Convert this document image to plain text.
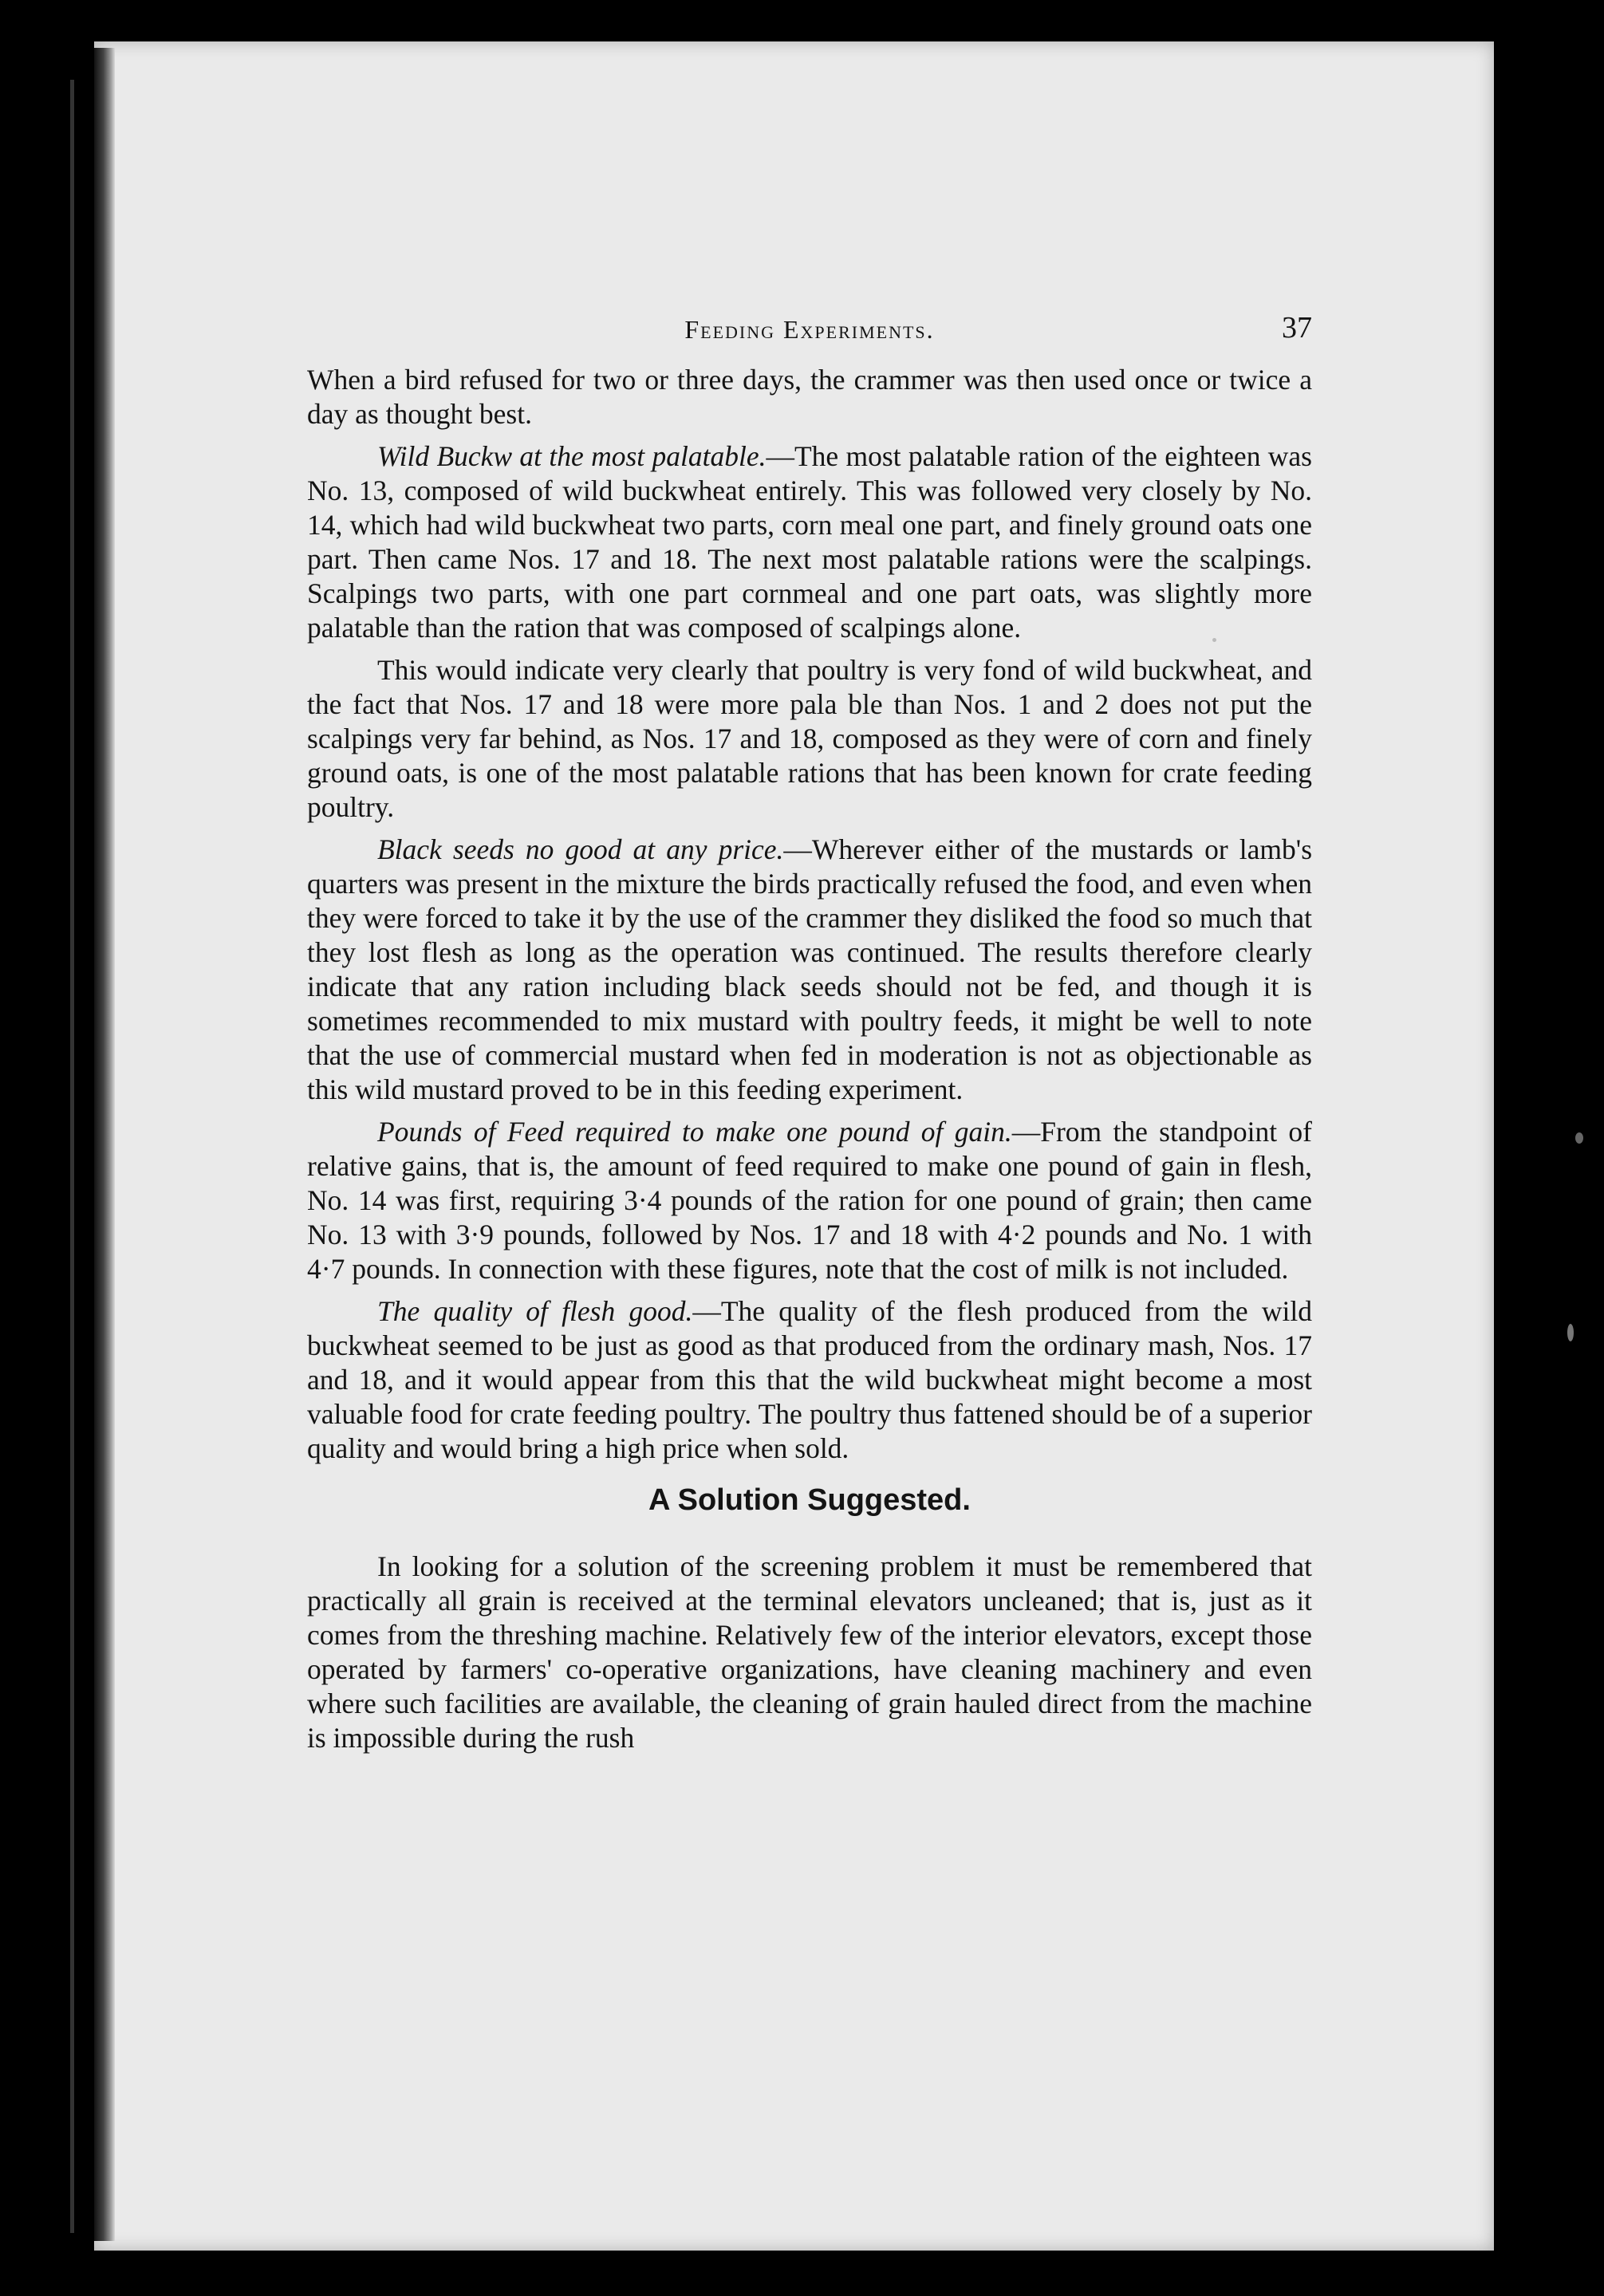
Feeding Experiments.	37

When a bird refused for two or three days, the crammer was then used once or twice a day as thought best.

Wild Buckw at the most palatable.—The most palatable ration of the eighteen was No. 13, composed of wild buckwheat entirely. This was followed very closely by No. 14, which had wild buckwheat two parts, corn meal one part, and finely ground oats one part. Then came Nos. 17 and 18. The next most palatable rations were the scalpings. Scalpings two parts, with one part cornmeal and one part oats, was slightly more palatable than the ration that was composed of scalpings alone.

This would indicate very clearly that poultry is very fond of wild buckwheat, and the fact that Nos. 17 and 18 were more pala ble than Nos. 1 and 2 does not put the scalpings very far behind, as Nos. 17 and 18, composed as they were of corn and finely ground oats, is one of the most palatable rations that has been known for crate feeding poultry.

Black seeds no good at any price.—Wherever either of the mustards or lamb's quarters was present in the mixture the birds practically refused the food, and even when they were forced to take it by the use of the crammer they disliked the food so much that they lost flesh as long as the operation was continued. The results therefore clearly indicate that any ration including black seeds should not be fed, and though it is sometimes recommended to mix mustard with poultry feeds, it might be well to note that the use of commercial mustard when fed in moderation is not as objectionable as this wild mustard proved to be in this feeding experiment.

Pounds of Feed required to make one pound of gain.—From the standpoint of relative gains, that is, the amount of feed required to make one pound of gain in flesh, No. 14 was first, requiring 3·4 pounds of the ration for one pound of grain; then came No. 13 with 3·9 pounds, followed by Nos. 17 and 18 with 4·2 pounds and No. 1 with 4·7 pounds. In connection with these figures, note that the cost of milk is not included.

The quality of flesh good.—The quality of the flesh produced from the wild buckwheat seemed to be just as good as that produced from the ordinary mash, Nos. 17 and 18, and it would appear from this that the wild buckwheat might become a most valuable food for crate feeding poultry. The poultry thus fattened should be of a superior quality and would bring a high price when sold.

A Solution Suggested.

In looking for a solution of the screening problem it must be remembered that practically all grain is received at the terminal elevators uncleaned; that is, just as it comes from the threshing machine. Relatively few of the interior elevators, except those operated by farmers' co-operative organizations, have cleaning machinery and even where such facilities are available, the cleaning of grain hauled direct from the machine is impossible during the rush
